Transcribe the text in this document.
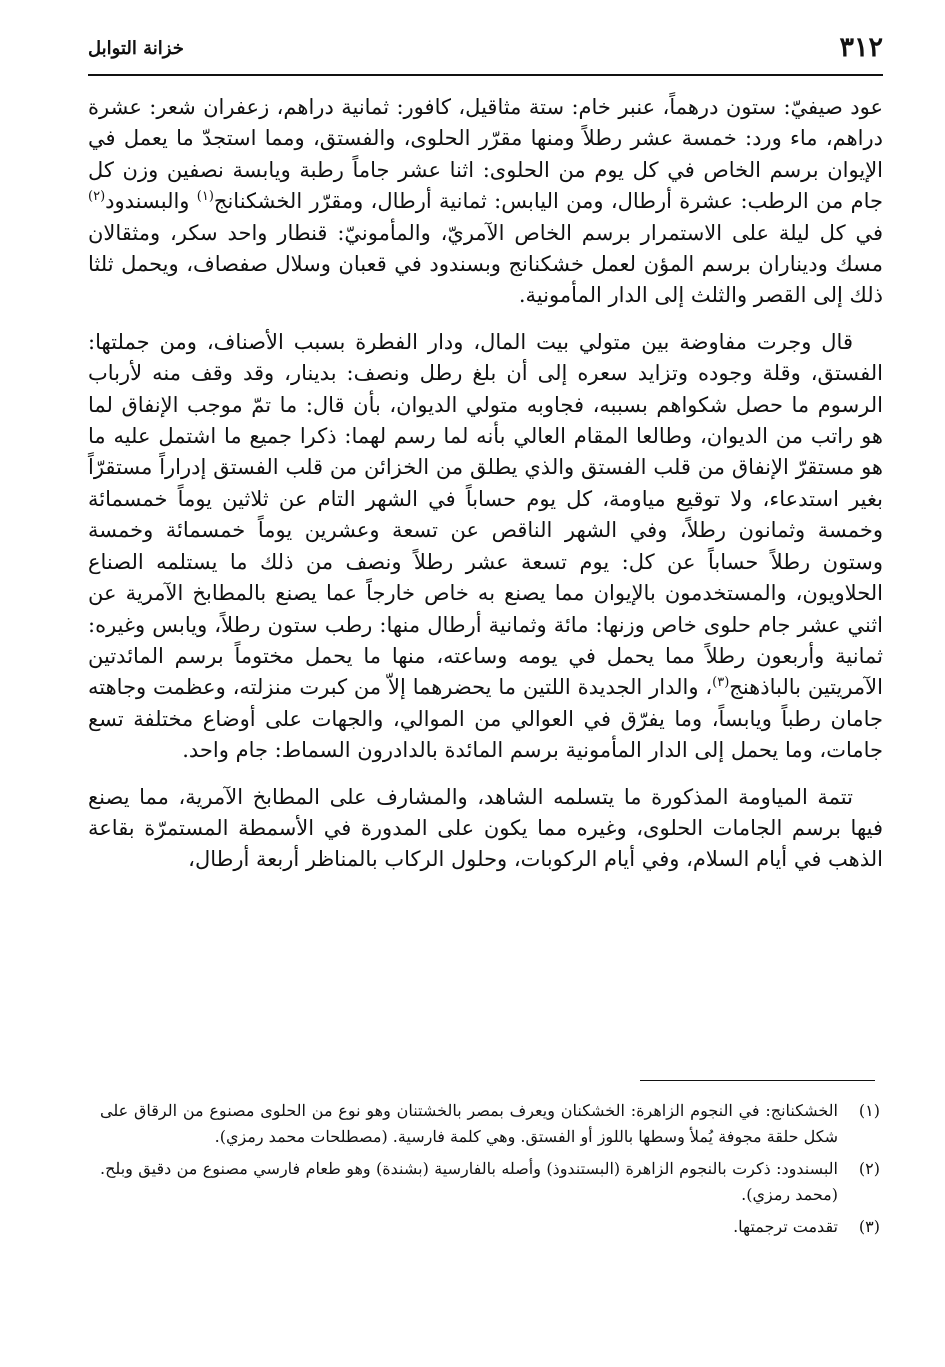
٣١٢
خزانة التوابل

عود صيفيّ: ستون درهماً، عنبر خام: ستة مثاقيل، كافور: ثمانية دراهم، زعفران شعر: عشرة دراهم، ماء ورد: خمسة عشر رطلاً ومنها مقرّر الحلوى، والفستق، ومما استجدّ ما يعمل في الإيوان برسم الخاص في كل يوم من الحلوى: اثنا عشر جاماً رطبة ويابسة نصفين وزن كل جام من الرطب: عشرة أرطال، ومن اليابس: ثمانية أرطال، ومقرّر الخشكنانج$^{(١)}$ والبسندود$^{(٢)}$ في كل ليلة على الاستمرار برسم الخاص الآمريّ، والمأمونيّ: قنطار واحد سكر، ومثقالان مسك وديناران برسم المؤن لعمل خشكنانج وبسندود في قعبان وسلال صفصاف، ويحمل ثلثا ذلك إلى القصر والثلث إلى الدار المأمونية.

قال وجرت مفاوضة بين متولي بيت المال، ودار الفطرة بسبب الأصناف، ومن جملتها: الفستق، وقلة وجوده وتزايد سعره إلى أن بلغ رطل ونصف: بدينار، وقد وقف منه لأرباب الرسوم ما حصل شكواهم بسببه، فجاوبه متولي الديوان، بأن قال: ما تمّ موجب الإنفاق لما هو راتب من الديوان، وطالعا المقام العالي بأنه لما رسم لهما: ذكرا جميع ما اشتمل عليه ما هو مستقرّ الإنفاق من قلب الفستق والذي يطلق من الخزائن من قلب الفستق إدراراً مستقرّاً بغير استدعاء، ولا توقيع مياومة، كل يوم حساباً في الشهر التام عن ثلاثين يوماً خمسمائة وخمسة وثمانون رطلاً، وفي الشهر الناقص عن تسعة وعشرين يوماً خمسمائة وخمسة وستون رطلاً حساباً عن كل: يوم تسعة عشر رطلاً ونصف من ذلك ما يستلمه الصناع الحلاويون، والمستخدمون بالإيوان مما يصنع به خاص خارجاً عما يصنع بالمطابخ الآمرية عن اثني عشر جام حلوى خاص وزنها: مائة وثمانية أرطال منها: رطب ستون رطلاً، ويابس وغيره: ثمانية وأربعون رطلاً مما يحمل في يومه وساعته، منها ما يحمل مختوماً برسم المائدتين الآمريتين بالباذهنج$^{(٣)}$، والدار الجديدة اللتين ما يحضرهما إلاّ من كبرت منزلته، وعظمت وجاهته جامان رطباً ويابساً، وما يفرّق في العوالي من الموالي، والجهات على أوضاع مختلفة تسع جامات، وما يحمل إلى الدار المأمونية برسم المائدة بالدادرون السماط: جام واحد.

تتمة المياومة المذكورة ما يتسلمه الشاهد، والمشارف على المطابخ الآمرية، مما يصنع فيها برسم الجامات الحلوى، وغيره مما يكون على المدورة في الأسمطة المستمرّة بقاعة الذهب في أيام السلام، وفي أيام الركوبات، وحلول الركاب بالمناظر أربعة أرطال،

(١)
الخشكنانج: في النجوم الزاهرة: الخشكنان ويعرف بمصر بالخشتنان وهو نوع من الحلوى مصنوع من الرقاق على شكل حلقة مجوفة يُملأ وسطها باللوز أو الفستق. وهي كلمة فارسية. (مصطلحات محمد رمزي).
(٢)
البسندود: ذكرت بالنجوم الزاهرة (البستندوذ) وأصله بالفارسية (بشندة) وهو طعام فارسي مصنوع من دقيق وبلح. (محمد رمزي).
(٣)
تقدمت ترجمتها.
